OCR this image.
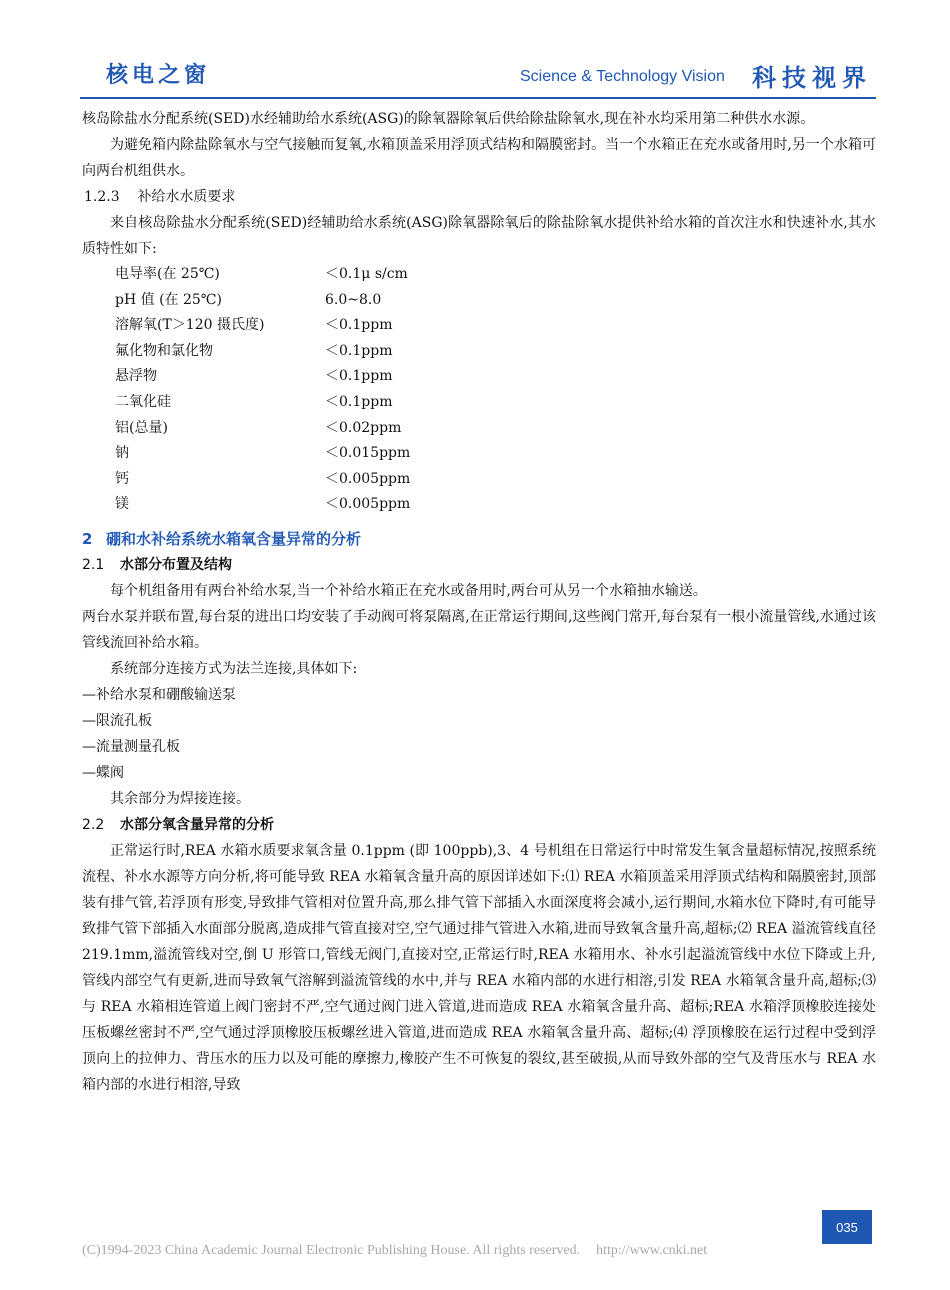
核电之窗	Science & Technology Vision 科技视界

核岛除盐水分配系统(SED)水经辅助给水系统(ASG)的除氧器除氧后供给除盐除氧水,现在补水均采用第二种供水水源。

为避免箱内除盐除氧水与空气接触而复氧,水箱顶盖采用浮顶式结构和隔膜密封。当一个水箱正在充水或备用时,另一个水箱可向两台机组供水。

1.2.3 补给水水质要求

来自核岛除盐水分配系统(SED)经辅助给水系统(ASG)除氧器除氧后的除盐除氧水提供补给水箱的首次注水和快速补水,其水质特性如下:

电导率(在 25℃)	＜0.1μ s/cm
pH 值 (在 25℃)	6.0~8.0
溶解氧(T＞120 摄氏度)	＜0.1ppm
氟化物和氯化物	＜0.1ppm
悬浮物	＜0.1ppm
二氧化硅	＜0.1ppm
铝(总量)	＜0.02ppm
钠	＜0.015ppm
钙	＜0.005ppm
镁	＜0.005ppm

2 硼和水补给系统水箱氧含量异常的分析

2.1 水部分布置及结构

每个机组备用有两台补给水泵,当一个补给水箱正在充水或备用时,两台可从另一个水箱抽水输送。

两台水泵并联布置,每台泵的进出口均安装了手动阀可将泵隔离,在正常运行期间,这些阀门常开,每台泵有一根小流量管线,水通过该管线流回补给水箱。

系统部分连接方式为法兰连接,具体如下:

—补给水泵和硼酸输送泵

—限流孔板

—流量测量孔板

—蝶阀

其余部分为焊接连接。

2.2 水部分氧含量异常的分析

正常运行时,REA 水箱水质要求氧含量 0.1ppm (即 100ppb),3、4 号机组在日常运行中时常发生氧含量超标情况,按照系统流程、补水水源等方向分析,将可能导致 REA 水箱氧含量升高的原因详述如下:⑴ REA 水箱顶盖采用浮顶式结构和隔膜密封,顶部装有排气管,若浮顶有形变,导致排气管相对位置升高,那么排气管下部插入水面深度将会减小,运行期间,水箱水位下降时,有可能导致排气管下部插入水面部分脱离,造成排气管直接对空,空气通过排气管进入水箱,进而导致氧含量升高,超标;⑵ REA 溢流管线直径 219.1mm,溢流管线对空,倒 U 形管口,管线无阀门,直接对空,正常运行时,REA 水箱用水、补水引起溢流管线中水位下降或上升,管线内部空气有更新,进而导致氧气溶解到溢流管线的水中,并与 REA 水箱内部的水进行相溶,引发 REA 水箱氧含量升高,超标;⑶ 与 REA 水箱相连管道上阀门密封不严,空气通过阀门进入管道,进而造成 REA 水箱氧含量升高、超标;REA 水箱浮顶橡胶连接处压板螺丝密封不严,空气通过浮顶橡胶压板螺丝进入管道,进而造成 REA 水箱氧含量升高、超标;⑷ 浮顶橡胶在运行过程中受到浮顶向上的拉伸力、背压水的压力以及可能的摩擦力,橡胶产生不可恢复的裂纹,甚至破损,从而导致外部的空气及背压水与 REA 水箱内部的水进行相溶,导致

035
(C)1994-2023 China Academic Journal Electronic Publishing House. All rights reserved. http://www.cnki.net
